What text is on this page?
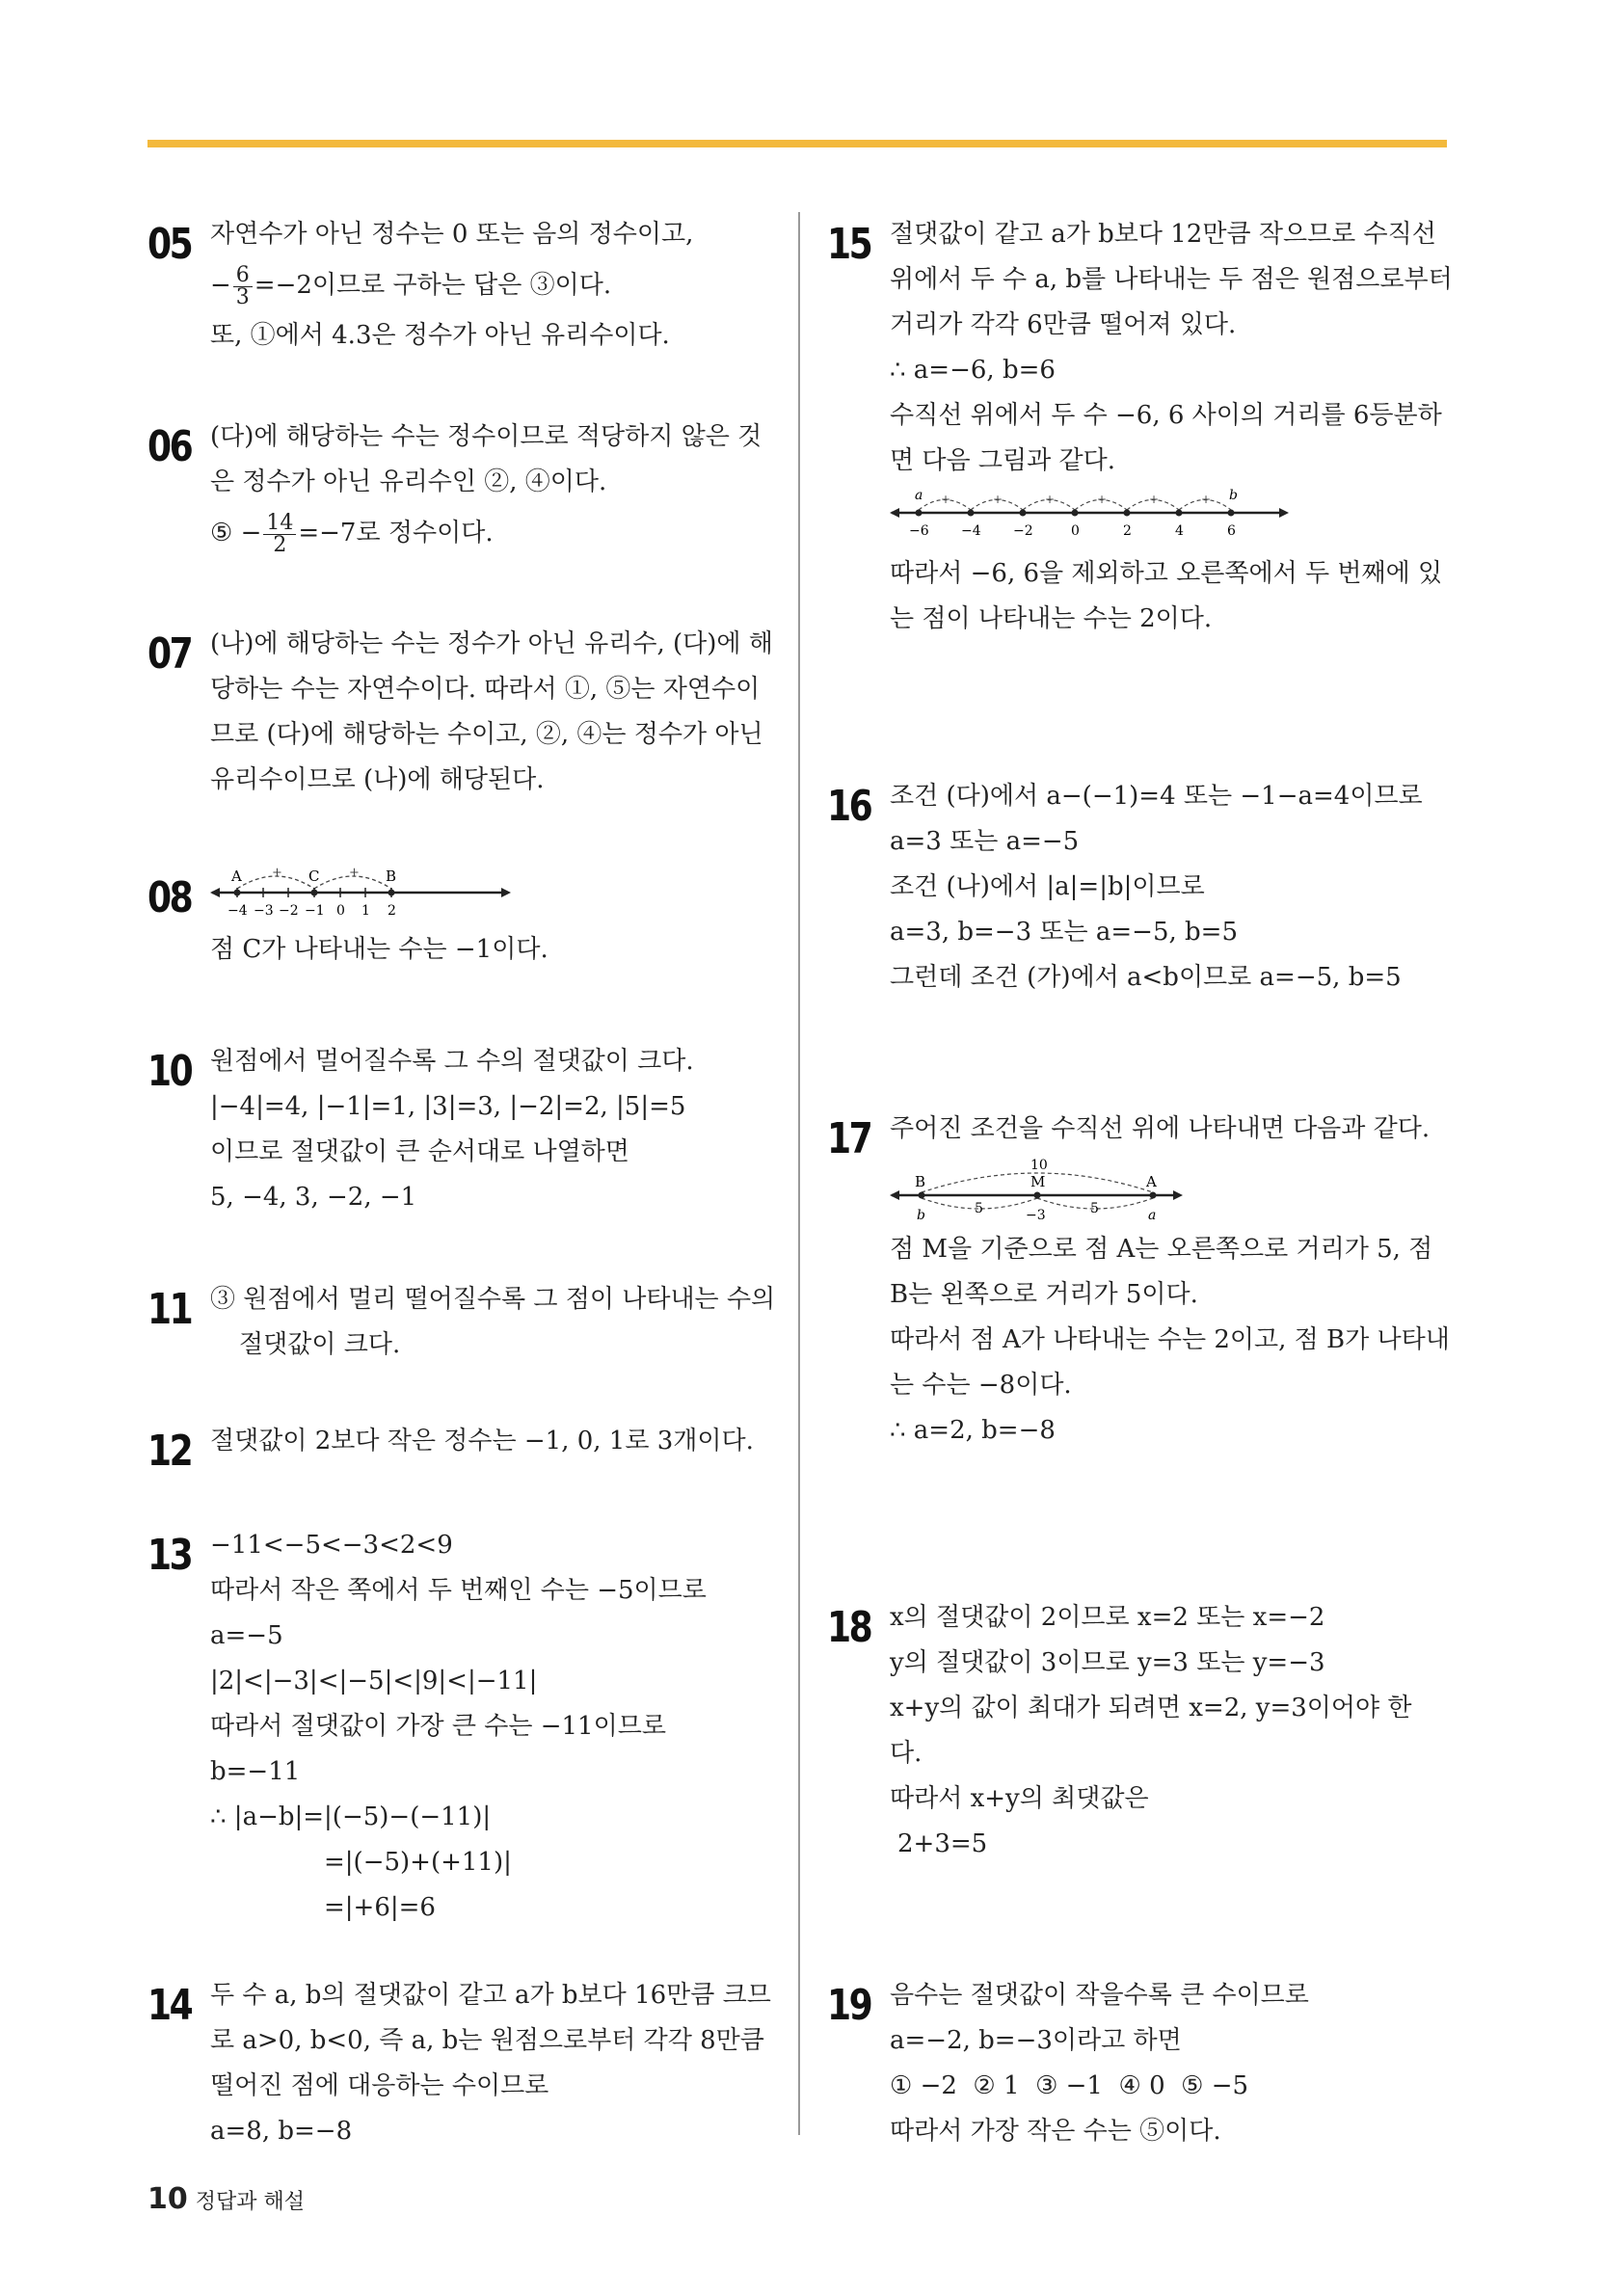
05 자연수가 아닌 정수는 0 또는 음의 정수이고,
− $\frac{6}{3} =-2$이므로 구하는 답은 ③이다.
또, ①에서 4.3은 정수가 아닌 유리수이다.
06 (다)에 해당하는 수는 정수이므로 적당하지 않은 것
은 정수가 아닌 유리수인 ②, ④이다.
⑤ − $\frac{14}{2} =-7$로 정수이다.
07 (나)에 해당하는 수는 정수가 아닌 유리수, (다)에 해
당하는 수는 자연수이다. 따라서 ①, ⑤는 자연수이
므로 (다)에 해당하는 수이고, ②, ④는 정수가 아닌
유리수이므로 (나)에 해당된다.
08
+	+
A	C	B
−4 −3 −2 −1 0 1 2
점 C가 나타내는 수는 −1이다.
10 원점에서 멀어질수록 그 수의 절댓값이 크다.
|−4|=4, |−1|=1, |3|=3, |−2|=2, |5|=5
이므로 절댓값이 큰 순서대로 나열하면
5, −4, 3, −2, −1
11 ③ 원점에서 멀리 떨어질수록 그 점이 나타내는 수의
절댓값이 크다.
12 절댓값이 2보다 작은 정수는 −1, 0, 1로 3개이다.
13 −11<−5<−3<2<9
따라서 작은 쪽에서 두 번째인 수는 −5이므로
a=−5
|2|<|−3|<|−5|<|9|<|−11|
따라서 절댓값이 가장 큰 수는 −11이므로
b=−11
∴ |a−b|=|(−5)−(−11)|
=|(−5)+(+11)|
=|+6|=6
14 두 수 a, b의 절댓값이 같고 a가 b보다 16만큼 크므
로 a>0, b<0, 즉 a, b는 원점으로부터 각각 8만큼
떨어진 점에 대응하는 수이므로
a=8, b=−8
15 절댓값이 같고 a가 b보다 12만큼 작으므로 수직선
위에서 두 수 a, b를 나타내는 두 점은 원점으로부터
거리가 각각 6만큼 떨어져 있다.
∴ a=−6, b=6
수직선 위에서 두 수 −6, 6 사이의 거리를 6등분하
면 다음 그림과 같다.
+	+	+	+	+	+
a	b
−6 −4 −2	0	2	4	6
따라서 −6, 6을 제외하고 오른쪽에서 두 번째에 있
는 점이 나타내는 수는 2이다.
16 조건 (다)에서 a−(−1)=4 또는 −1−a=4이므로
a=3 또는 a=−5
조건 (나)에서 |a|=|b|이므로
a=3, b=−3 또는 a=−5, b=5
그런데 조건 (가)에서 a<b이므로 a=−5, b=5
17 주어진 조건을 수직선 위에 나타내면 다음과 같다.
10
B	M	A
5	5
b	−3	a
점 M을 기준으로 점 A는 오른쪽으로 거리가 5, 점
B는 왼쪽으로 거리가 5이다.
따라서 점 A가 나타내는 수는 2이고, 점 B가 나타내
는 수는 −8이다.
∴ a=2, b=−8
18 x의 절댓값이 2이므로 x=2 또는 x=−2
y의 절댓값이 3이므로 y=3 또는 y=−3
x+y의 값이 최대가 되려면 x=2, y=3이어야 한
다.
따라서 x+y의 최댓값은
2+3=5
19 음수는 절댓값이 작을수록 큰 수이므로
a=−2, b=−3이라고 하면
① −2  ② 1  ③ −1  ④ 0  ⑤ −5
따라서 가장 작은 수는 ⑤이다.
10 정답과 해설
